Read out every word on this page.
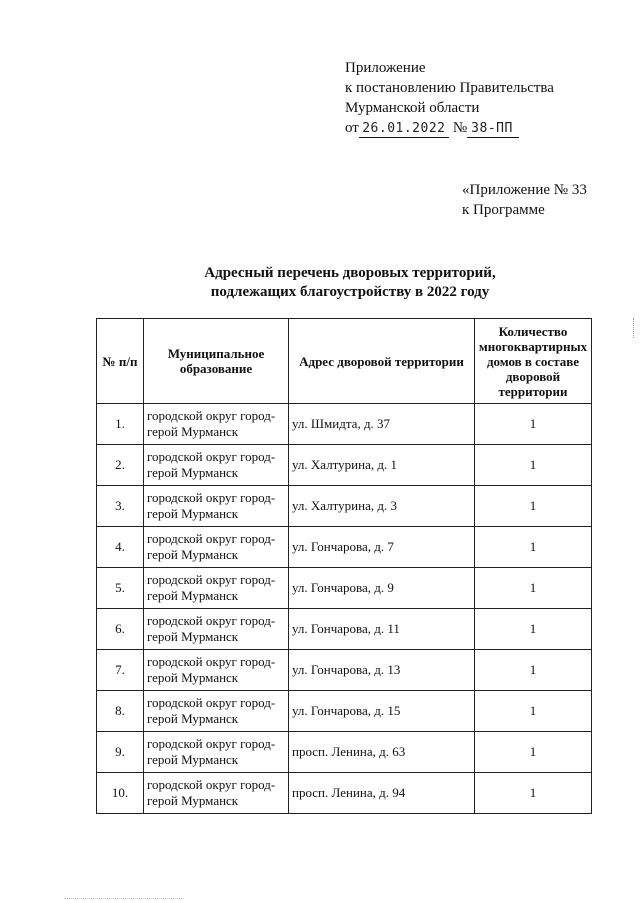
Приложение
к постановлению Правительства
Мурманской области
от 26.01.2022 № 38-ПП
«Приложение № 33
к Программе
Адресный перечень дворовых территорий,
подлежащих благоустройству в 2022 году
№ п/п	Муниципальное образование	Адрес дворовой территории	Количество многоквартирных домов в составе дворовой территории
1.	городской округ город-герой Мурманск	ул. Шмидта, д. 37	1
2.	городской округ город-герой Мурманск	ул. Халтурина, д. 1	1
3.	городской округ город-герой Мурманск	ул. Халтурина, д. 3	1
4.	городской округ город-герой Мурманск	ул. Гончарова, д. 7	1
5.	городской округ город-герой Мурманск	ул. Гончарова, д. 9	1
6.	городской округ город-герой Мурманск	ул. Гончарова, д. 11	1
7.	городской округ город-герой Мурманск	ул. Гончарова, д. 13	1
8.	городской округ город-герой Мурманск	ул. Гончарова, д. 15	1
9.	городской округ город-герой Мурманск	просп. Ленина, д. 63	1
10.	городской округ город-герой Мурманск	просп. Ленина, д. 94	1
